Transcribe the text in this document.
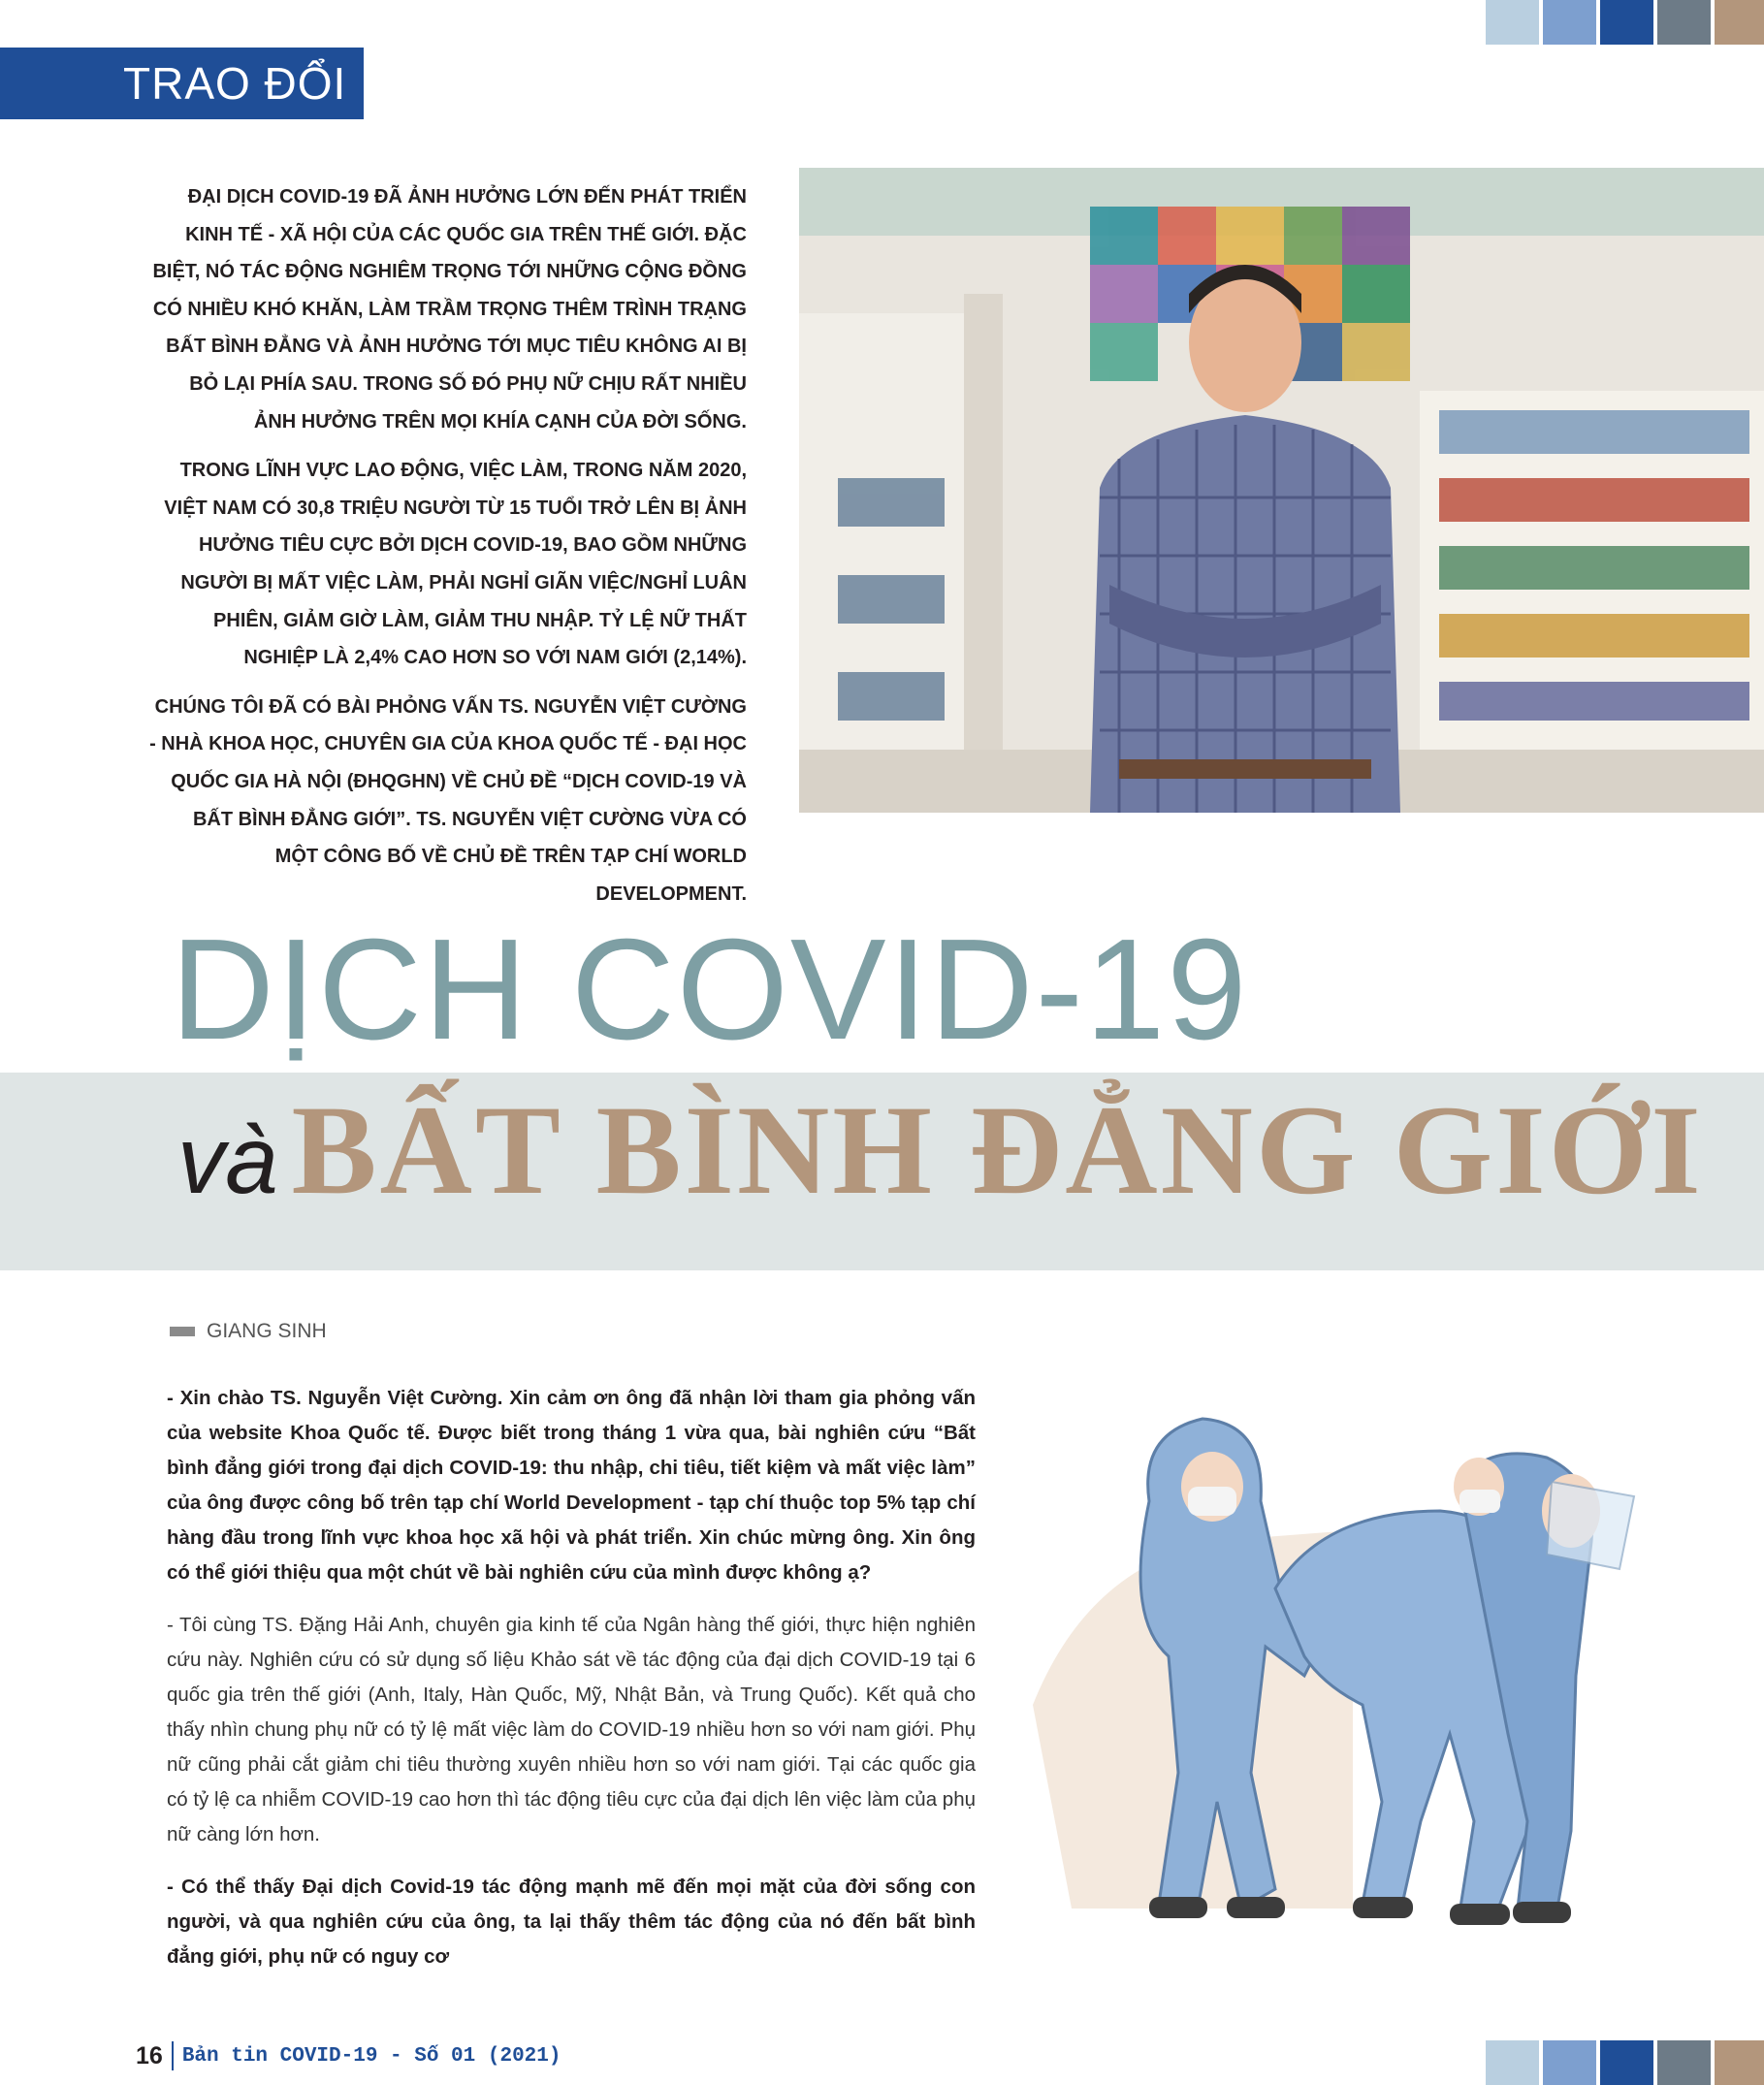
TRAO ĐỔI

ĐẠI DỊCH COVID-19 ĐÃ ẢNH HƯỞNG LỚN ĐẾN PHÁT TRIỂN KINH TẾ - XÃ HỘI CỦA CÁC QUỐC GIA TRÊN THẾ GIỚI. ĐẶC BIỆT, NÓ TÁC ĐỘNG NGHIÊM TRỌNG TỚI NHỮNG CỘNG ĐỒNG CÓ NHIỀU KHÓ KHĂN, LÀM TRẦM TRỌNG THÊM TRÌNH TRẠNG BẤT BÌNH ĐẲNG VÀ ẢNH HƯỞNG TỚI MỤC TIÊU KHÔNG AI BỊ BỎ LẠI PHÍA SAU. TRONG SỐ ĐÓ PHỤ NỮ CHỊU RẤT NHIỀU ẢNH HƯỞNG TRÊN MỌI KHÍA CẠNH CỦA ĐỜI SỐNG.

TRONG LĨNH VỰC LAO ĐỘNG, VIỆC LÀM, TRONG NĂM 2020, VIỆT NAM CÓ 30,8 TRIỆU NGƯỜI TỪ 15 TUỔI TRỞ LÊN BỊ ẢNH HƯỞNG TIÊU CỰC BỞI DỊCH COVID-19, BAO GỒM NHỮNG NGƯỜI BỊ MẤT VIỆC LÀM, PHẢI NGHỈ GIÃN VIỆC/NGHỈ LUÂN PHIÊN, GIẢM GIỜ LÀM, GIẢM THU NHẬP. TỶ LỆ NỮ THẤT NGHIỆP LÀ 2,4% CAO HƠN SO VỚI NAM GIỚI (2,14%).

CHÚNG TÔI ĐÃ CÓ BÀI PHỎNG VẤN TS. NGUYỄN VIỆT CƯỜNG - NHÀ KHOA HỌC, CHUYÊN GIA CỦA KHOA QUỐC TẾ - ĐẠI HỌC QUỐC GIA HÀ NỘI (ĐHQGHN) VỀ CHỦ ĐỀ “DỊCH COVID-19 VÀ BẤT BÌNH ĐẲNG GIỚI”. TS. NGUYỄN VIỆT CƯỜNG VỪA CÓ MỘT CÔNG BỐ VỀ CHỦ ĐỀ TRÊN TẠP CHÍ WORLD DEVELOPMENT.

DỊCH COVID-19
và BẤT BÌNH ĐẲNG GIỚI
GIANG SINH

- Xin chào TS. Nguyễn Việt Cường. Xin cảm ơn ông đã nhận lời tham gia phỏng vấn của website Khoa Quốc tế. Được biết trong tháng 1 vừa qua, bài nghiên cứu “Bất bình đẳng giới trong đại dịch COVID-19: thu nhập, chi tiêu, tiết kiệm và mất việc làm” của ông được công bố trên tạp chí World Development - tạp chí thuộc top 5% tạp chí hàng đầu trong lĩnh vực khoa học xã hội và phát triển. Xin chúc mừng ông. Xin ông có thể giới thiệu qua một chút về bài nghiên cứu của mình được không ạ?

- Tôi cùng TS. Đặng Hải Anh, chuyên gia kinh tế của Ngân hàng thế giới, thực hiện nghiên cứu này. Nghiên cứu có sử dụng số liệu Khảo sát về tác động của đại dịch COVID-19 tại 6 quốc gia trên thế giới (Anh, Italy, Hàn Quốc, Mỹ, Nhật Bản, và Trung Quốc). Kết quả cho thấy nhìn chung phụ nữ có tỷ lệ mất việc làm do COVID-19 nhiều hơn so với nam giới. Phụ nữ cũng phải cắt giảm chi tiêu thường xuyên nhiều hơn so với nam giới. Tại các quốc gia có tỷ lệ ca nhiễm COVID-19 cao hơn thì tác động tiêu cực của đại dịch lên việc làm của phụ nữ càng lớn hơn.

- Có thể thấy Đại dịch Covid-19 tác động mạnh mẽ đến mọi mặt của đời sống con người, và qua nghiên cứu của ông, ta lại thấy thêm tác động của nó đến bất bình đẳng giới, phụ nữ có nguy cơ

16 Bản tin COVID-19 - Số 01 (2021)
